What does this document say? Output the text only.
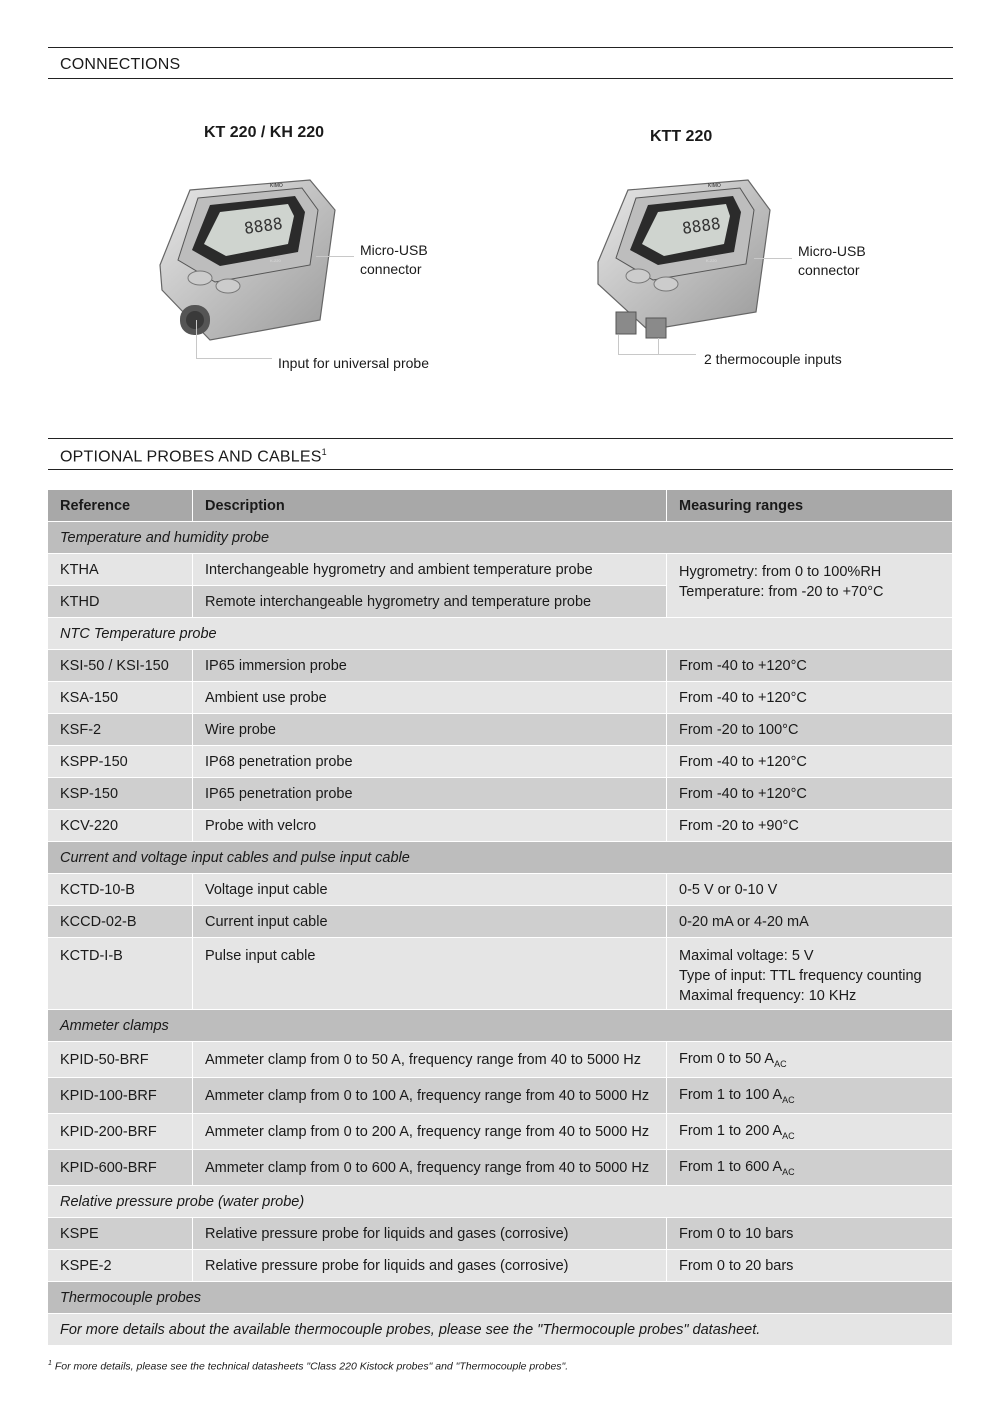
CONNECTIONS
KT 220 / KH 220
8888
KIMO
K-220
Micro-USB
connector
Input for universal probe
KTT 220
8888
KIMO
K-220
Micro-USB
connector
2 thermocouple inputs
OPTIONAL PROBES AND CABLES$^1$
Reference	Description	Measuring ranges
Temperature and humidity probe		
KTHA	Interchangeable hygrometry and ambient temperature probe	Hygrometry: from 0 to 100%RH
Temperature: from -20 to +70°C

KTHD	Remote interchangeable hygrometry and temperature probe	
NTC Temperature probe		
KSI-50 / KSI-150	IP65 immersion probe	From -40 to +120°C
KSA-150	Ambient use probe	From -40 to +120°C
KSF-2	Wire probe	From -20 to 100°C
KSPP-150	IP68 penetration probe	From -40 to +120°C
KSP-150	IP65 penetration probe	From -40 to +120°C
KCV-220	Probe with velcro	From -20 to +90°C
Current and voltage input cables and pulse input cable		
KCTD-10-B	Voltage input cable	0-5 V or 0-10 V
KCCD-02-B	Current input cable	0-20 mA or 4-20 mA
KCTD-I-B	Pulse input cable	Maximal voltage: 5 V
Type of input: TTL frequency counting
Maximal frequency: 10 KHz

Ammeter clamps		
KPID-50-BRF	Ammeter clamp from 0 to 50 A, frequency range from 40 to 5000 Hz	From 0 to 50 $A_{AC}$
KPID-100-BRF	Ammeter clamp from 0 to 100 A, frequency range from 40 to 5000 Hz	From 1 to 100 $A_{AC}$
KPID-200-BRF	Ammeter clamp from 0 to 200 A, frequency range from 40 to 5000 Hz	From 1 to 200 $A_{AC}$
KPID-600-BRF	Ammeter clamp from 0 to 600 A, frequency range from 40 to 5000 Hz	From 1 to 600 $A_{AC}$
Relative pressure probe (water probe)		
KSPE	Relative pressure probe for liquids and gases (corrosive)	From 0 to 10 bars
KSPE-2	Relative pressure probe for liquids and gases (corrosive)	From 0 to 20 bars
Thermocouple probes		
For more details about the available thermocouple probes, please see the "Thermocouple probes" datasheet.		
$^1$ For more details, please see the technical datasheets "Class 220 Kistock probes" and "Thermocouple probes".
